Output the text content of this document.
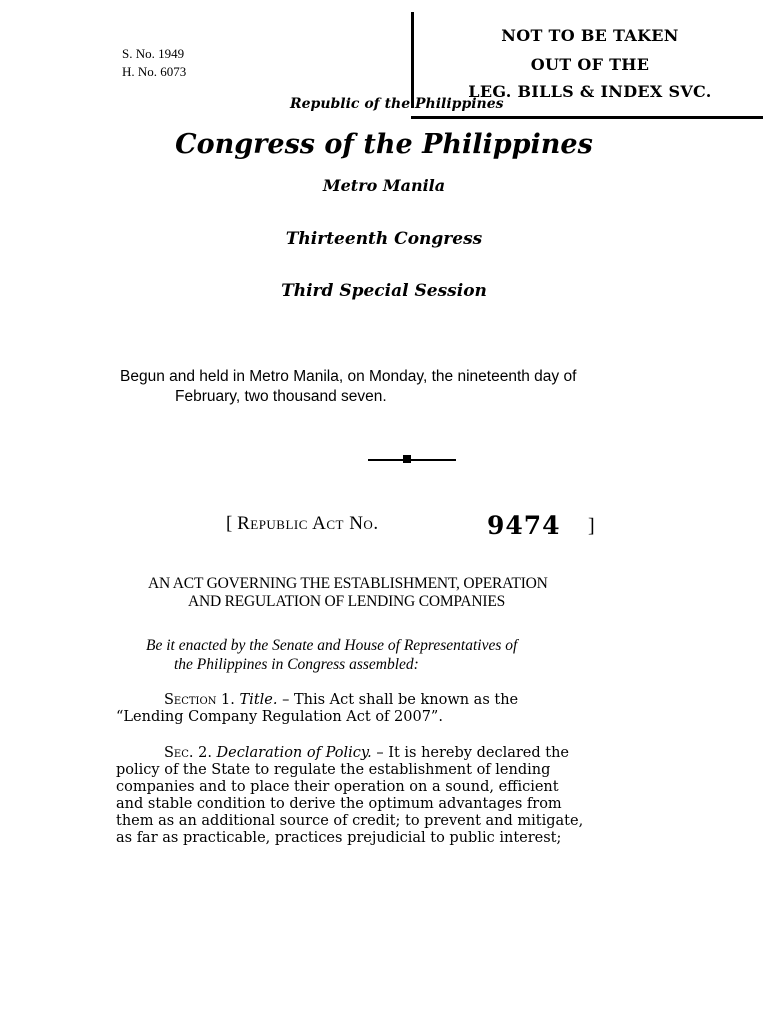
S. No. 1949
H. No. 6073
NOT TO BE TAKEN
OUT OF THE
LEG. BILLS & INDEX SVC.
Republic of the Philippines
Congress of the Philippines
Metro Manila
Thirteenth Congress
Third Special Session
Begun and held in Metro Manila, on Monday, the nineteenth day of
February, two thousand seven.
[ Republic Act No.	9474 ]
AN ACT GOVERNING THE ESTABLISHMENT, OPERATION
AND REGULATION OF LENDING COMPANIES
Be it enacted by the Senate and House of Representatives of
the Philippines in Congress assembled:
Section 1. Title. – This Act shall be known as the
“Lending Company Regulation Act of 2007”.
Sec. 2. Declaration of Policy. – It is hereby declared the
policy of the State to regulate the establishment of lending
companies and to place their operation on a sound, efficient
and stable condition to derive the optimum advantages from
them as an additional source of credit; to prevent and mitigate,
as far as practicable, practices prejudicial to public interest;
